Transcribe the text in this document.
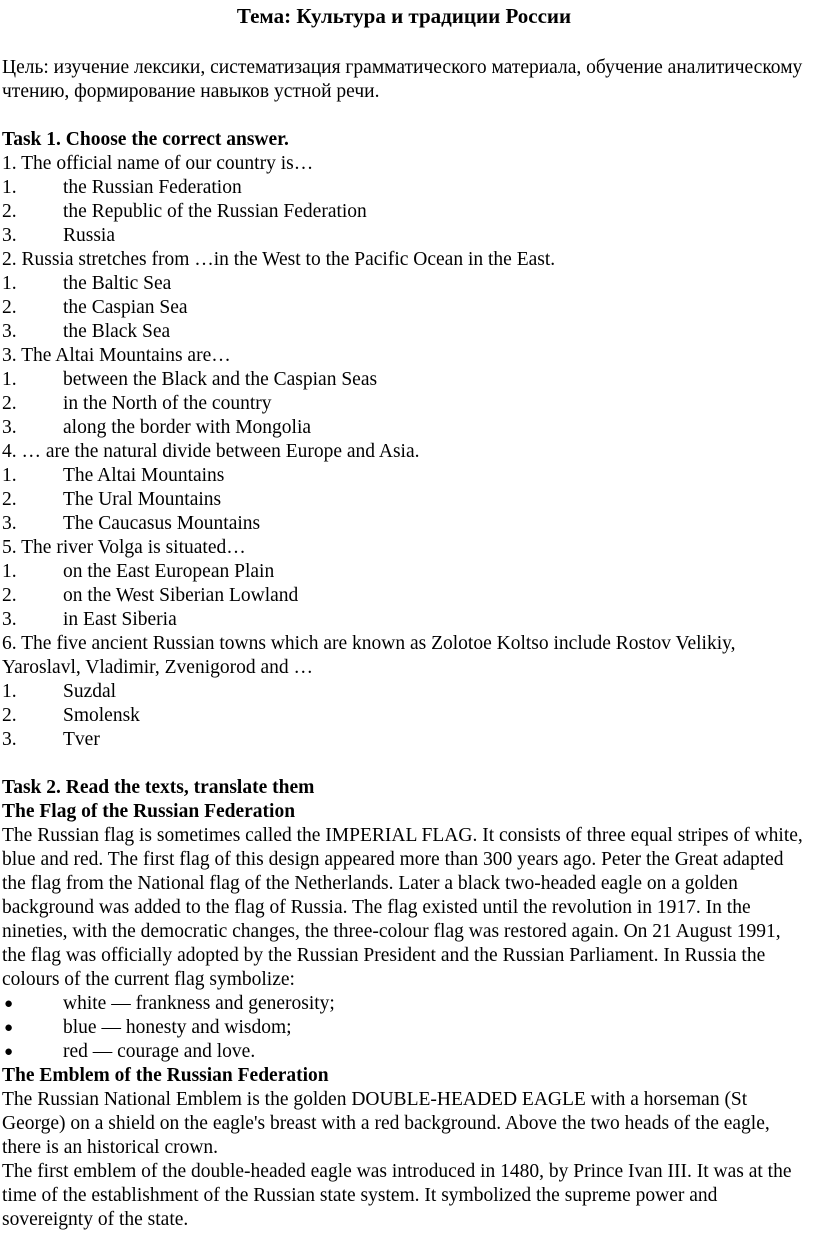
Тема: Культура и традиции России

Цель: изучение лексики, систематизация грамматического материала, обучение аналитическому чтению, формирование навыков устной речи.

Task 1. Choose the correct answer.

1. The official name of our country is…

1.	the Russian Federation
2.	the Republic of the Russian Federation
3.	Russia

2. Russia stretches from …in the West to the Pacific Ocean in the East.

1.	the Baltic Sea
2.	the Caspian Sea
3.	the Black Sea

3. The Altai Mountains are…

1.	between the Black and the Caspian Seas
2.	in the North of the country
3.	along the border with Mongolia

4. … are the natural divide between Europe and Asia.

1.	The Altai Mountains
2.	The Ural Mountains
3.	The Caucasus Mountains

5. The river Volga is situated…

1.	on the East European Plain
2.	on the West Siberian Lowland
3.	in East Siberia

6. The five ancient Russian towns which are known as Zolotoe Koltso include Rostov Velikiy, Yaroslavl, Vladimir, Zvenigorod and …

1.	Suzdal
2.	Smolensk
3.	Tver

Task 2. Read the texts, translate them

The Flag of the Russian Federation

The Russian flag is sometimes called the IMPERIAL FLAG. It consists of three equal stripes of white, blue and red. The first flag of this design appeared more than 300 years ago. Peter the Great adapted the flag from the National flag of the Netherlands. Later a black two-headed eagle on a golden background was added to the flag of Russia. The flag existed until the revolution in 1917. In the nineties, with the democratic changes, the three-colour flag was restored again. On 21 August 1991, the flag was officially adopted by the Russian President and the Russian Parliament. In Russia the colours of the current flag symbolize:

●	white — frankness and generosity;
●	blue — honesty and wisdom;
●	red — courage and love.

The Emblem of the Russian Federation

The Russian National Emblem is the golden DOUBLE-HEADED EAGLE with a horseman (St George) on a shield on the eagle's breast with a red background. Above the two heads of the eagle, there is an historical crown.

The first emblem of the double-headed eagle was introduced in 1480, by Prince Ivan III. It was at the time of the establishment of the Russian state system. It symbolized the supreme power and sovereignty of the state.
